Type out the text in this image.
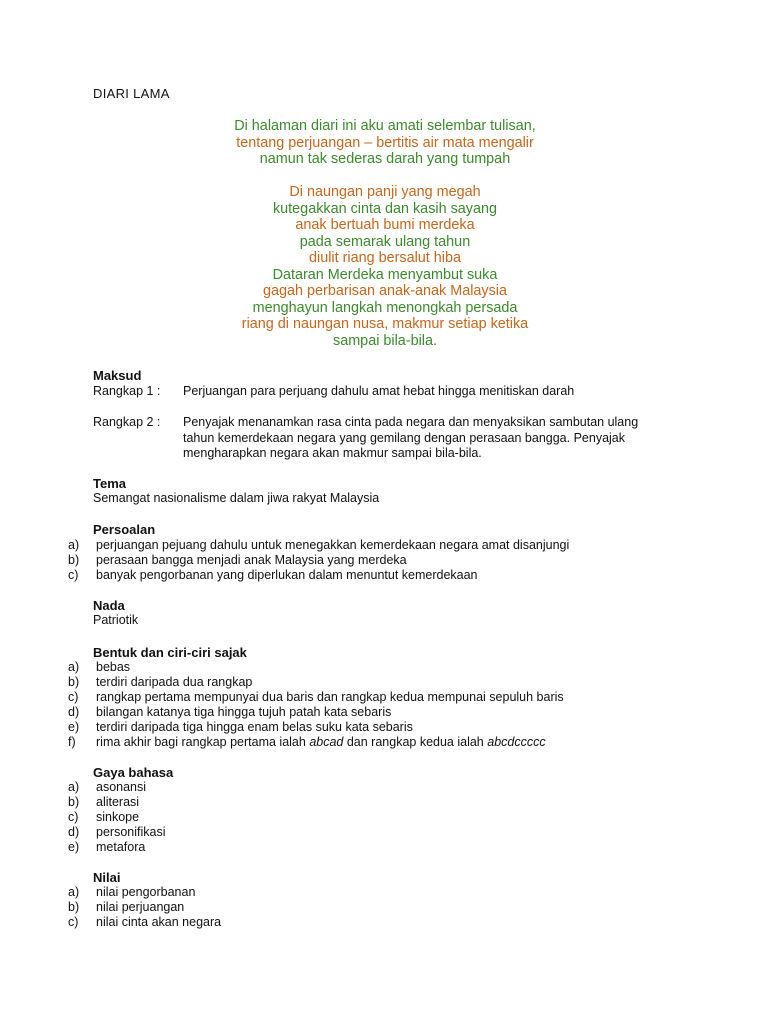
DIARI LAMA
Di halaman diari ini aku amati selembar tulisan,
tentang perjuangan – bertitis air mata mengalir
namun tak sederas darah yang tumpah
Di naungan panji yang megah
kutegakkan cinta dan kasih sayang
anak bertuah bumi merdeka
pada semarak ulang tahun
diulit riang bersalut hiba
Dataran Merdeka menyambut suka
gagah perbarisan anak-anak Malaysia
menghayun langkah menongkah persada
riang di naungan nusa, makmur setiap ketika
sampai bila-bila.
Maksud
Rangkap 1 : Perjuangan para perjuang dahulu amat hebat hingga menitiskan darah
Rangkap 2 : Penyajak menanamkan rasa cinta pada negara dan menyaksikan sambutan ulang
tahun kemerdekaan negara yang gemilang dengan perasaan bangga. Penyajak
mengharapkan negara akan makmur sampai bila-bila.
Tema
Semangat nasionalisme dalam jiwa rakyat Malaysia
Persoalan
a) perjuangan pejuang dahulu untuk menegakkan kemerdekaan negara amat disanjungi
b) perasaan bangga menjadi anak Malaysia yang merdeka
c) banyak pengorbanan yang diperlukan dalam menuntut kemerdekaan
Nada
Patriotik
Bentuk dan ciri-ciri sajak
a) bebas
b) terdiri daripada dua rangkap
c) rangkap pertama mempunyai dua baris dan rangkap kedua mempunai sepuluh baris
d) bilangan katanya tiga hingga tujuh patah kata sebaris
e) terdiri daripada tiga hingga enam belas suku kata sebaris
f) rima akhir bagi rangkap pertama ialah abcad dan rangkap kedua ialah abcdccccc
Gaya bahasa
a) asonansi
b) aliterasi
c) sinkope
d) personifikasi
e) metafora
Nilai
a) nilai pengorbanan
b) nilai perjuangan
c) nilai cinta akan negara
